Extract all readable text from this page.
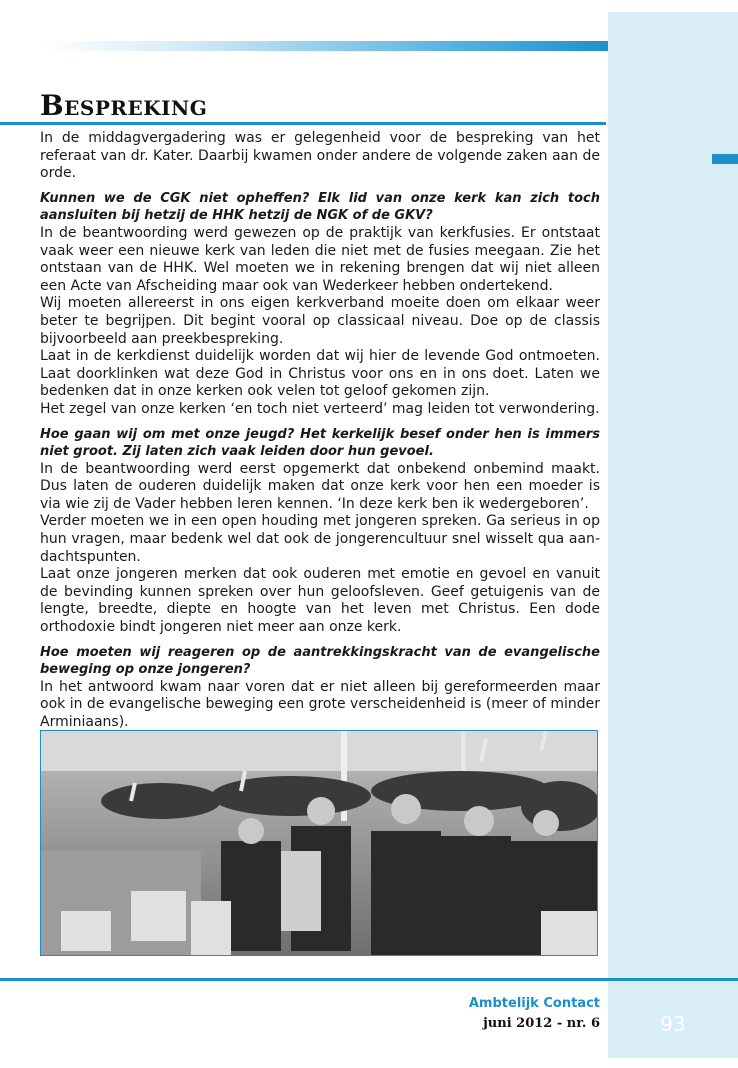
Bespreking

In de middagvergadering was er gelegenheid voor de bespreking van het referaat van dr. Kater. Daarbij kwamen onder andere de volgende zaken aan de orde.

Kunnen we de CGK niet opheffen? Elk lid van onze kerk kan zich toch aansluiten bij hetzij de HHK hetzij de NGK of de GKV?

In de beantwoording werd gewezen op de praktijk van kerkfusies. Er ontstaat vaak weer een nieuwe kerk van leden die niet met de fusies meegaan. Zie het ontstaan van de HHK. Wel moeten we in rekening brengen dat wij niet alleen een Acte van Afscheiding maar ook van Wederkeer hebben ondertekend.

Wij moeten allereerst in ons eigen kerkverband moeite doen om elkaar weer beter te begrijpen. Dit begint vooral op classicaal niveau. Doe op de classis bijvoorbeeld aan preekbespreking.

Laat in de kerkdienst duidelijk worden dat wij hier de levende God ontmoeten. Laat doorklinken wat deze God in Christus voor ons en in ons doet. Laten we bedenken dat in onze kerken ook velen tot geloof gekomen zijn.

Het zegel van onze kerken ‘en toch niet verteerd’ mag leiden tot verwondering.

Hoe gaan wij om met onze jeugd? Het kerkelijk besef onder hen is immers niet groot. Zij laten zich vaak leiden door hun gevoel.

In de beantwoording werd eerst opgemerkt dat onbekend onbemind maakt. Dus laten de ouderen duidelijk maken dat onze kerk voor hen een moeder is via wie zij de Vader hebben leren kennen. ‘In deze kerk ben ik wedergeboren’.

Verder moeten we in een open houding met jongeren spreken. Ga serieus in op hun vragen, maar bedenk wel dat ook de jongerencultuur snel wisselt qua aandachtspunten.

Laat onze jongeren merken dat ook ouderen met emotie en gevoel en vanuit de bevinding kunnen spreken over hun geloofsleven. Geef getuigenis van de lengte, breedte, diepte en hoogte van het leven met Christus. Een dode orthodoxie bindt jongeren niet meer aan onze kerk.

Hoe moeten wij reageren op de aantrekkingskracht van de evangelische beweging op onze jongeren?

In het antwoord kwam naar voren dat er niet alleen bij gereformeerden maar ook in de evangelische beweging een grote verscheidenheid is (meer of minder Arminiaans).

Ambtelijk Contact
juni 2012 - nr. 6	93
